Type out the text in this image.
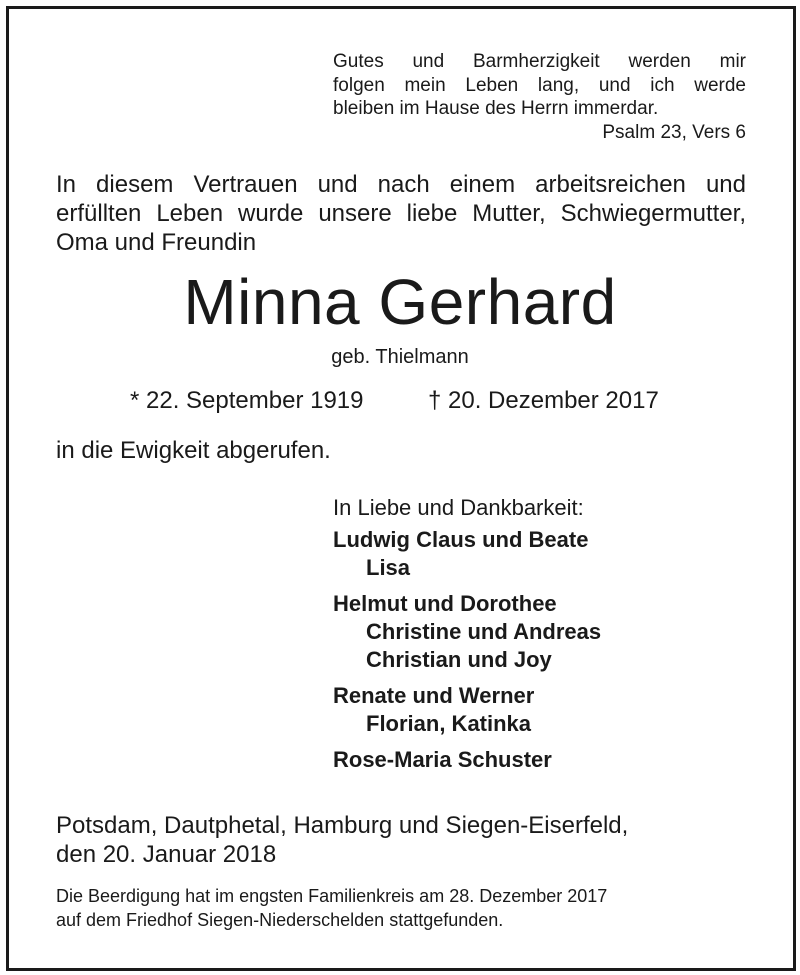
Gutes und Barmherzigkeit werden mir
folgen mein Leben lang, und ich werde
bleiben im Hause des Herrn immerdar.
Psalm 23, Vers 6
In diesem Vertrauen und nach einem arbeitsreichen und
erfüllten Leben wurde unsere liebe Mutter, Schwiegermutter,
Oma und Freundin
Minna Gerhard
geb. Thielmann
* 22. September 1919	† 20. Dezember 2017
in die Ewigkeit abgerufen.
In Liebe und Dankbarkeit:
Ludwig Claus und Beate
Lisa
Helmut und Dorothee
Christine und Andreas
Christian und Joy
Renate und Werner
Florian, Katinka
Rose-Maria Schuster
Potsdam, Dautphetal, Hamburg und Siegen-Eiserfeld,
den 20. Januar 2018
Die Beerdigung hat im engsten Familienkreis am 28. Dezember 2017
auf dem Friedhof Siegen-Niederschelden stattgefunden.
